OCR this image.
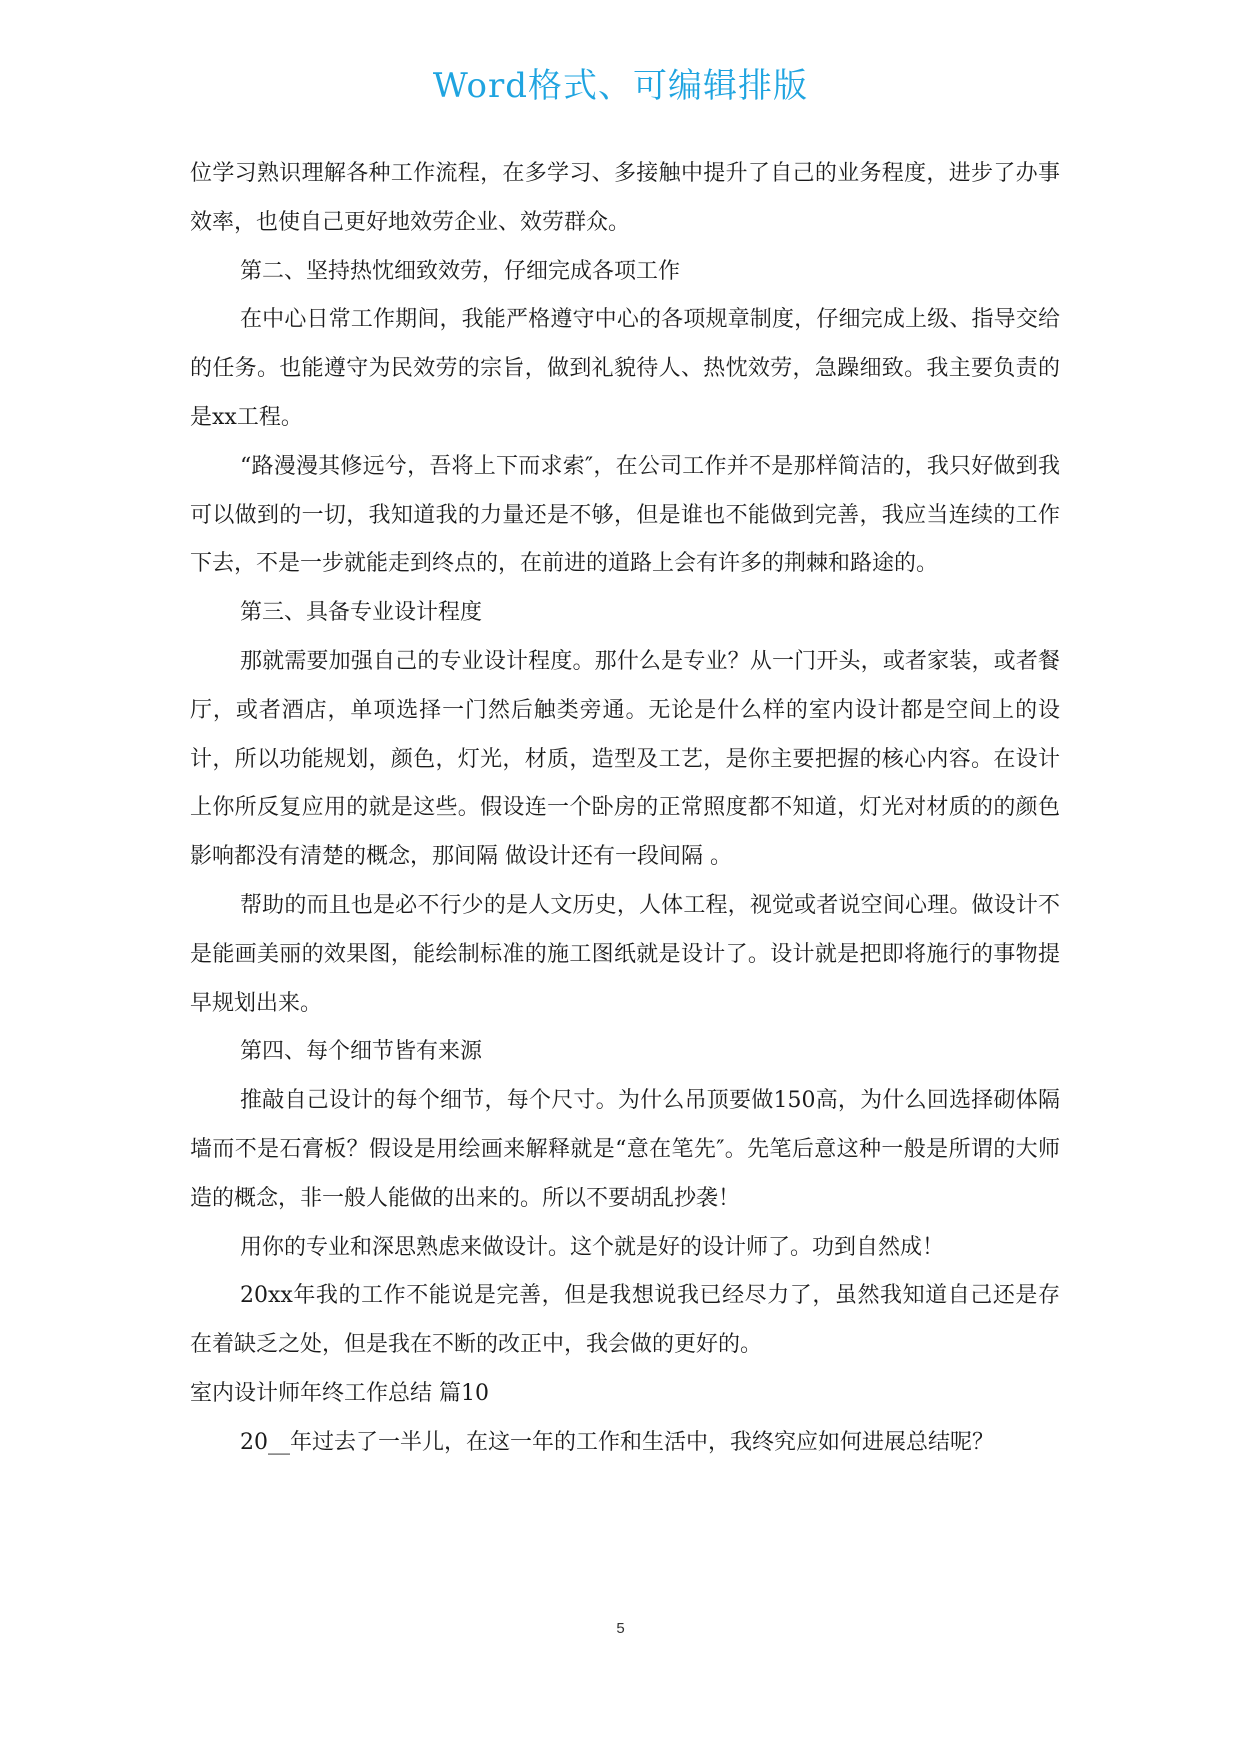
Word格式、可编辑排版

位学习熟识理解各种工作流程，在多学习、多接触中提升了自己的业务程度，进步了办事效率，也使自己更好地效劳企业、效劳群众。

第二、坚持热忱细致效劳，仔细完成各项工作

在中心日常工作期间，我能严格遵守中心的各项规章制度，仔细完成上级、指导交给的任务。也能遵守为民效劳的宗旨，做到礼貌待人、热忱效劳，急躁细致。我主要负责的是xx工程。

“路漫漫其修远兮，吾将上下而求索″，在公司工作并不是那样简洁的，我只好做到我可以做到的一切，我知道我的力量还是不够，但是谁也不能做到完善，我应当连续的工作下去，不是一步就能走到终点的，在前进的道路上会有许多的荆棘和路途的。

第三、具备专业设计程度

那就需要加强自己的专业设计程度。那什么是专业？从一门开头，或者家装，或者餐厅，或者酒店，单项选择一门然后触类旁通。无论是什么样的室内设计都是空间上的设计，所以功能规划，颜色，灯光，材质，造型及工艺，是你主要把握的核心内容。在设计上你所反复应用的就是这些。假设连一个卧房的正常照度都不知道，灯光对材质的的颜色影响都没有清楚的概念，那间隔 做设计还有一段间隔 。

帮助的而且也是必不行少的是人文历史，人体工程，视觉或者说空间心理。做设计不是能画美丽的效果图，能绘制标准的施工图纸就是设计了。设计就是把即将施行的事物提早规划出来。

第四、每个细节皆有来源

推敲自己设计的每个细节，每个尺寸。为什么吊顶要做150高，为什么回选择砌体隔墙而不是石膏板？假设是用绘画来解释就是“意在笔先″。先笔后意这种一般是所谓的大师造的概念，非一般人能做的出来的。所以不要胡乱抄袭！

用你的专业和深思熟虑来做设计。这个就是好的设计师了。功到自然成！

20xx年我的工作不能说是完善，但是我想说我已经尽力了，虽然我知道自己还是存在着缺乏之处，但是我在不断的改正中，我会做的更好的。

室内设计师年终工作总结 篇10

20__年过去了一半儿，在这一年的工作和生活中，我终究应如何进展总结呢？

5
